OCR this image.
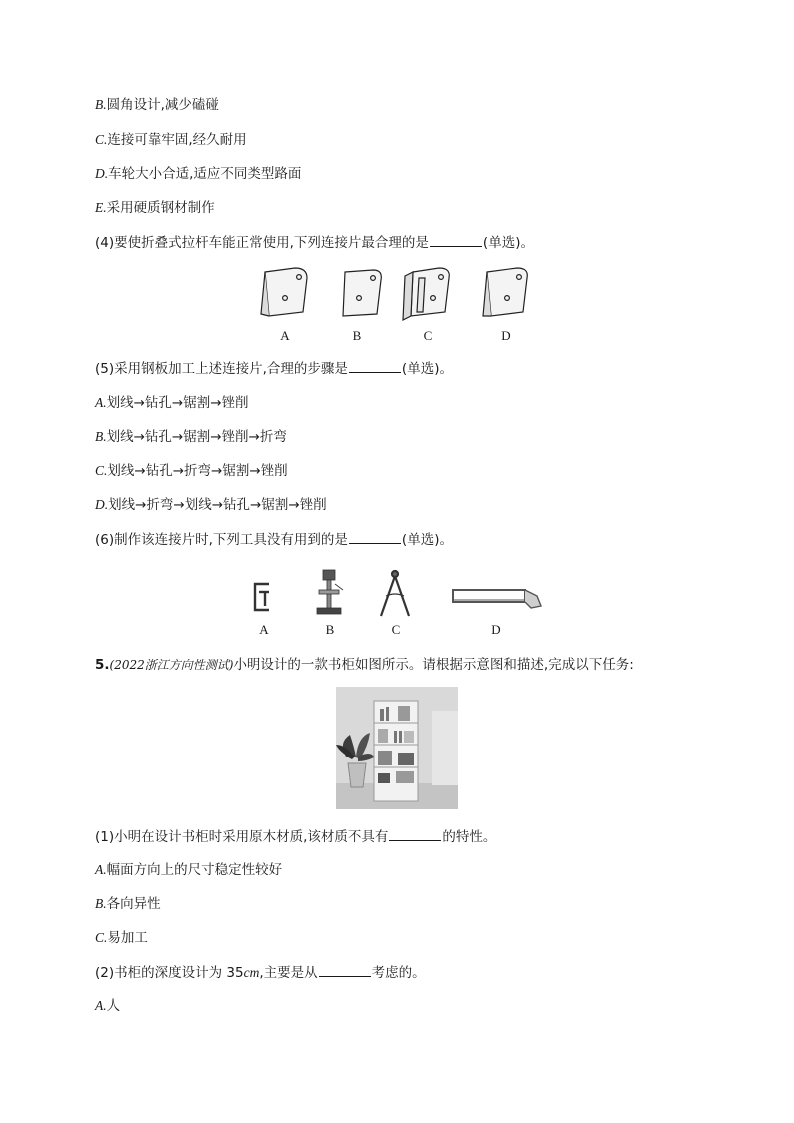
B.圆角设计,减少磕碰
C.连接可靠牢固,经久耐用
D.车轮大小合适,适应不同类型路面
E.采用硬质钢材制作
(4)要使折叠式拉杆车能正常使用,下列连接片最合理的是	(单选)。
A	B	C	D
(5)采用钢板加工上述连接片,合理的步骤是	(单选)。
A.划线→钻孔→锯割→锉削
B.划线→钻孔→锯割→锉削→折弯
C.划线→钻孔→折弯→锯割→锉削
D.划线→折弯→划线→钻孔→锯割→锉削
(6)制作该连接片时,下列工具没有用到的是	(单选)。
A	B	C	D
5.(2022浙江方向性测试)小明设计的一款书柜如图所示。请根据示意图和描述,完成以下任务:
(1)小明在设计书柜时采用原木材质,该材质不具有	的特性。
A.幅面方向上的尺寸稳定性较好
B.各向异性
C.易加工
(2)书柜的深度设计为 35cm,主要是从	考虑的。
A.人
